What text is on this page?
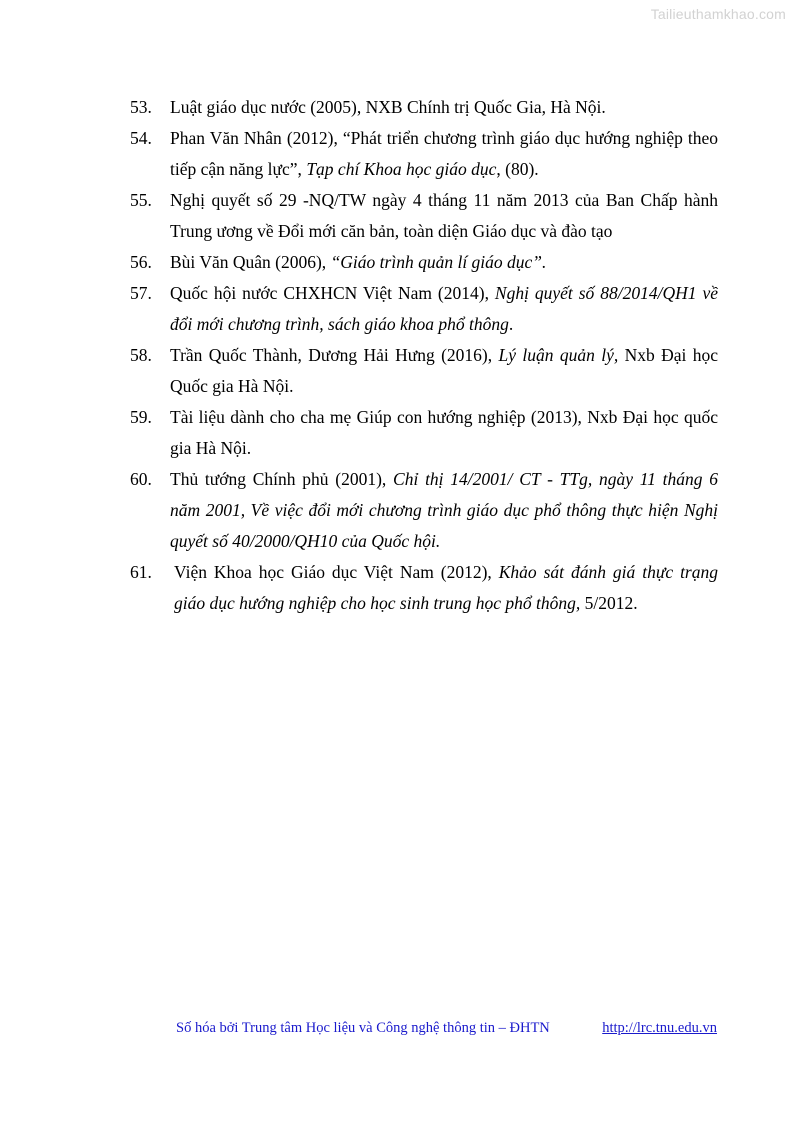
Tailieuthamkhao.com
53.	Luật giáo dục nước (2005), NXB Chính trị Quốc Gia, Hà Nội.
54.	Phan Văn Nhân (2012), “Phát triển chương trình giáo dục hướng nghiệp theo tiếp cận năng lực”, Tạp chí Khoa học giáo dục, (80).
55.	Nghị quyết số 29 -NQ/TW ngày 4 tháng 11 năm 2013 của Ban Chấp hành Trung ương về Đổi mới căn bản, toàn diện Giáo dục và đào tạo
56.	Bùi Văn Quân (2006), “Giáo trình quản lí giáo dục”.
57.	Quốc hội nước CHXHCN Việt Nam (2014), Nghị quyết số 88/2014/QH1 về đổi mới chương trình, sách giáo khoa phổ thông.
58.	Trần Quốc Thành, Dương Hải Hưng (2016), Lý luận quản lý, Nxb Đại học Quốc gia Hà Nội.
59.	Tài liệu dành cho cha mẹ Giúp con hướng nghiệp (2013), Nxb Đại học quốc gia Hà Nội.
60.	Thủ tướng Chính phủ (2001), Chỉ thị 14/2001/ CT - TTg, ngày 11 tháng 6 năm 2001, Về việc đổi mới chương trình giáo dục phổ thông thực hiện Nghị quyết số 40/2000/QH10 của Quốc hội.
61.	Viện Khoa học Giáo dục Việt Nam (2012), Khảo sát đánh giá thực trạng giáo dục hướng nghiệp cho học sinh trung học phổ thông, 5/2012.
Số hóa bởi Trung tâm Học liệu và Công nghệ thông tin – ĐHTN	http://lrc.tnu.edu.vn
